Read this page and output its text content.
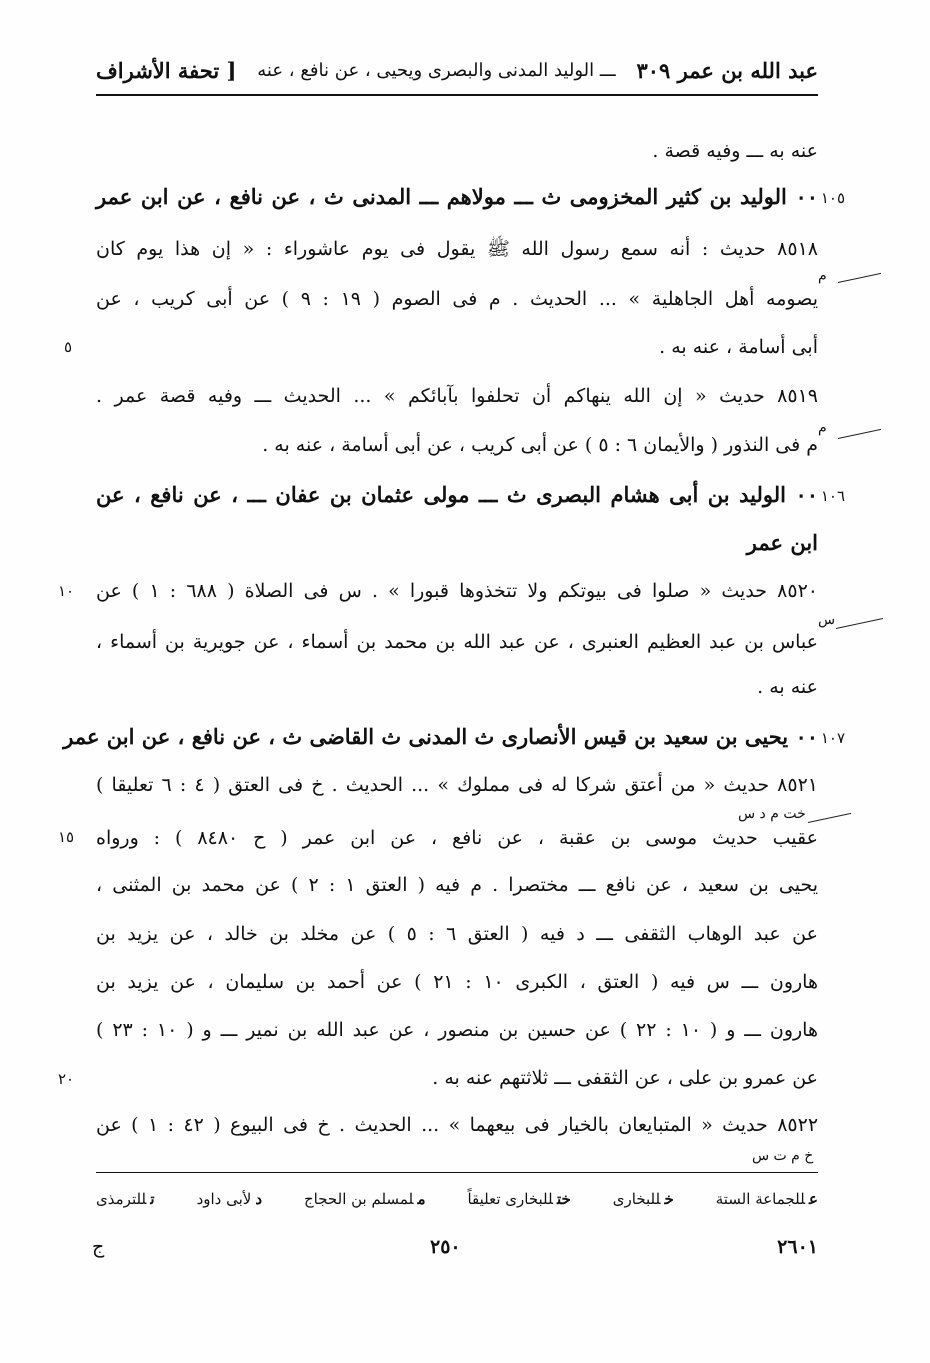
عبد الله بن عمر ٣٠٩
ـــ الوليد المدنى والبصرى ويحيى ، عن نافع ، عنه
[ تحفة الأشراف
عنه به ـــ وفيه قصة .
٠٠ الوليد بن كثير المخزومى ث ـــ مولاهم ـــ المدنى ث ، عن نافع ، عن ابن عمر
٨٥١٨ حديث : أنه سمع رسول الله ﷺ يقول فى يوم عاشوراء : « إن هذا يوم كان
يصومه أهل الجاهلية » ... الحديث . م فى الصوم ( ١٩ : ٩ ) عن أبى كريب ، عن
أبى أسامة ، عنه به .
٨٥١٩ حديث « إن الله ينهاكم أن تحلفوا بآبائكم » ... الحديث ـــ وفيه قصة عمر .
م فى النذور ( والأيمان ٦ : ٥ ) عن أبى كريب ، عن أبى أسامة ، عنه به .
٠٠ الوليد بن أبى هشام البصرى ث ـــ مولى عثمان بن عفان ـــ ، عن نافع ، عن
ابن عمر
٨٥٢٠ حديث « صلوا فى بيوتكم ولا تتخذوها قبورا » . س فى الصلاة ( ٦٨٨ : ١ ) عن
عباس بن عبد العظيم العنبرى ، عن عبد الله بن محمد بن أسماء ، عن جويرية بن أسماء ،
عنه به .
٠٠ يحيى بن سعيد بن قيس الأنصارى ث المدنى ث القاضى ث ، عن نافع ، عن ابن عمر
٨٥٢١ حديث « من أعتق شركا له فى مملوك » ... الحديث . خ فى العتق ( ٤ : ٦ تعليقا )
عقيب حديث موسى بن عقبة ، عن نافع ، عن ابن عمر ( ح ٨٤٨٠ ) : ورواه
يحيى بن سعيد ، عن نافع ـــ مختصرا . م فيه ( العتق ١ : ٢ ) عن محمد بن المثنى ،
عن عبد الوهاب الثقفى ـــ د فيه ( العتق ٦ : ٥ ) عن مخلد بن خالد ، عن يزيد بن
هارون ـــ س فيه ( العتق ، الكبرى ١٠ : ٢١ ) عن أحمد بن سليمان ، عن يزيد بن
هارون ـــ و ( ١٠ : ٢٢ ) عن حسين بن منصور ، عن عبد الله بن نمير ـــ و ( ١٠ : ٢٣ )
عن عمرو بن على ، عن الثقفى ـــ ثلاثتهم عنه به .
٨٥٢٢ حديث « المتبايعان بالخيار فى بيعهما » ... الحديث . خ فى البيوع ( ٤٢ : ١ ) عن
١٠٥
١٠٦
١٠٧
م
م
س
خت م د س
خ م ت س
٥
١٠
١٥
٢٠
عللجماعة الستة
خللبخارى
ختللبخارى تعليقاً
ملمسلم بن الحجاج
دلأبى داود
تللترمذى
٢٦٠١
٢٥٠
ج
